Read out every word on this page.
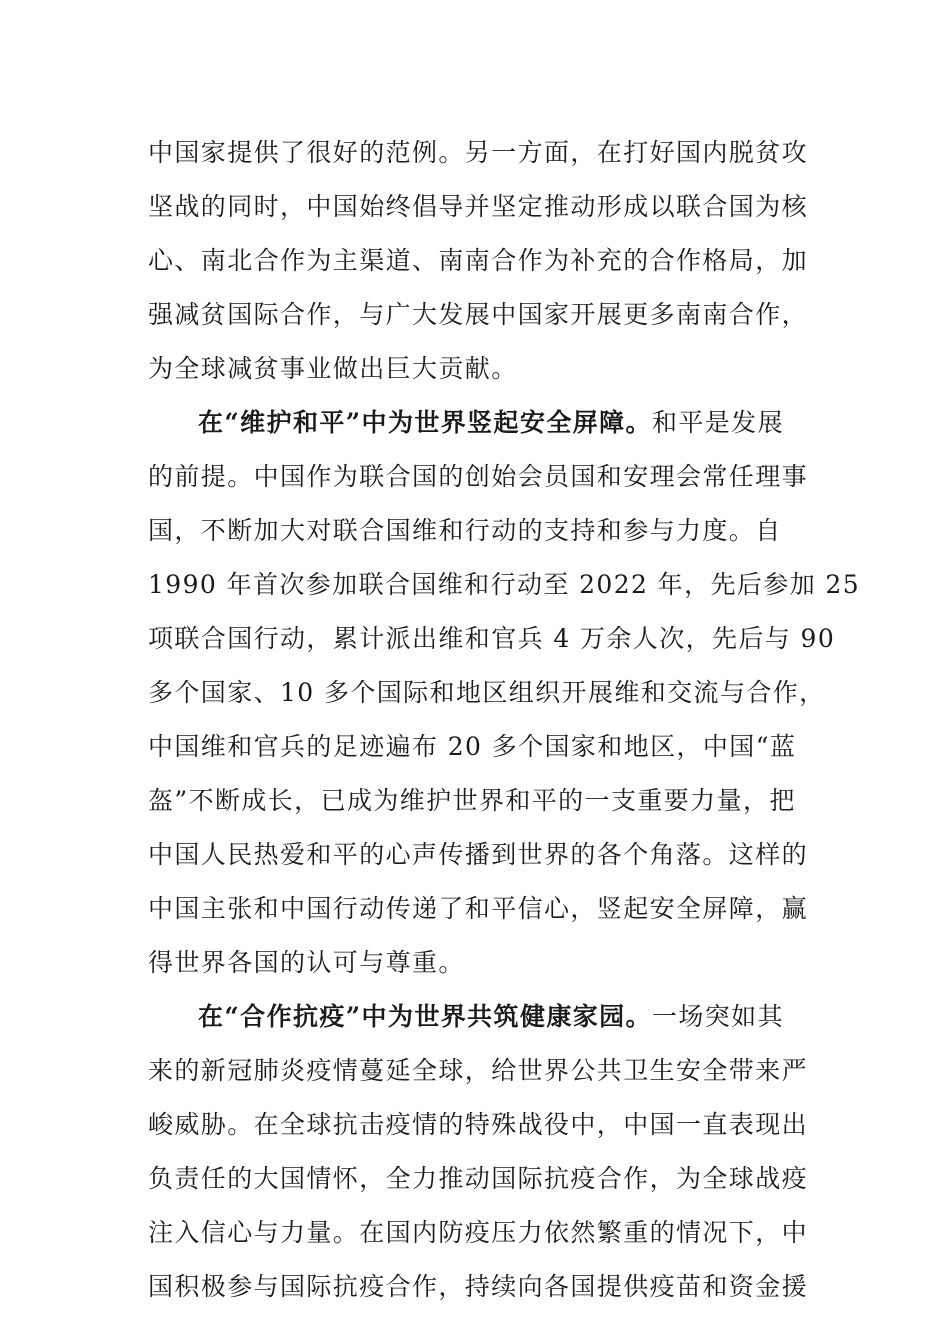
中国家提供了很好的范例。另一方面，在打好国内脱贫攻
坚战的同时，中国始终倡导并坚定推动形成以联合国为核
心、南北合作为主渠道、南南合作为补充的合作格局，加
强减贫国际合作，与广大发展中国家开展更多南南合作，
为全球减贫事业做出巨大贡献。
在“维护和平”中为世界竖起安全屏障。和平是发展
的前提。中国作为联合国的创始会员国和安理会常任理事
国，不断加大对联合国维和行动的支持和参与力度。自
1990 年首次参加联合国维和行动至 2022 年，先后参加 25
项联合国行动，累计派出维和官兵 4 万余人次，先后与 90
多个国家、10 多个国际和地区组织开展维和交流与合作，
中国维和官兵的足迹遍布 20 多个国家和地区，中国“蓝
盔”不断成长，已成为维护世界和平的一支重要力量，把
中国人民热爱和平的心声传播到世界的各个角落。这样的
中国主张和中国行动传递了和平信心，竖起安全屏障，赢
得世界各国的认可与尊重。
在“合作抗疫”中为世界共筑健康家园。一场突如其
来的新冠肺炎疫情蔓延全球，给世界公共卫生安全带来严
峻威胁。在全球抗击疫情的特殊战役中，中国一直表现出
负责任的大国情怀，全力推动国际抗疫合作，为全球战疫
注入信心与力量。在国内防疫压力依然繁重的情况下，中
国积极参与国际抗疫合作，持续向各国提供疫苗和资金援
